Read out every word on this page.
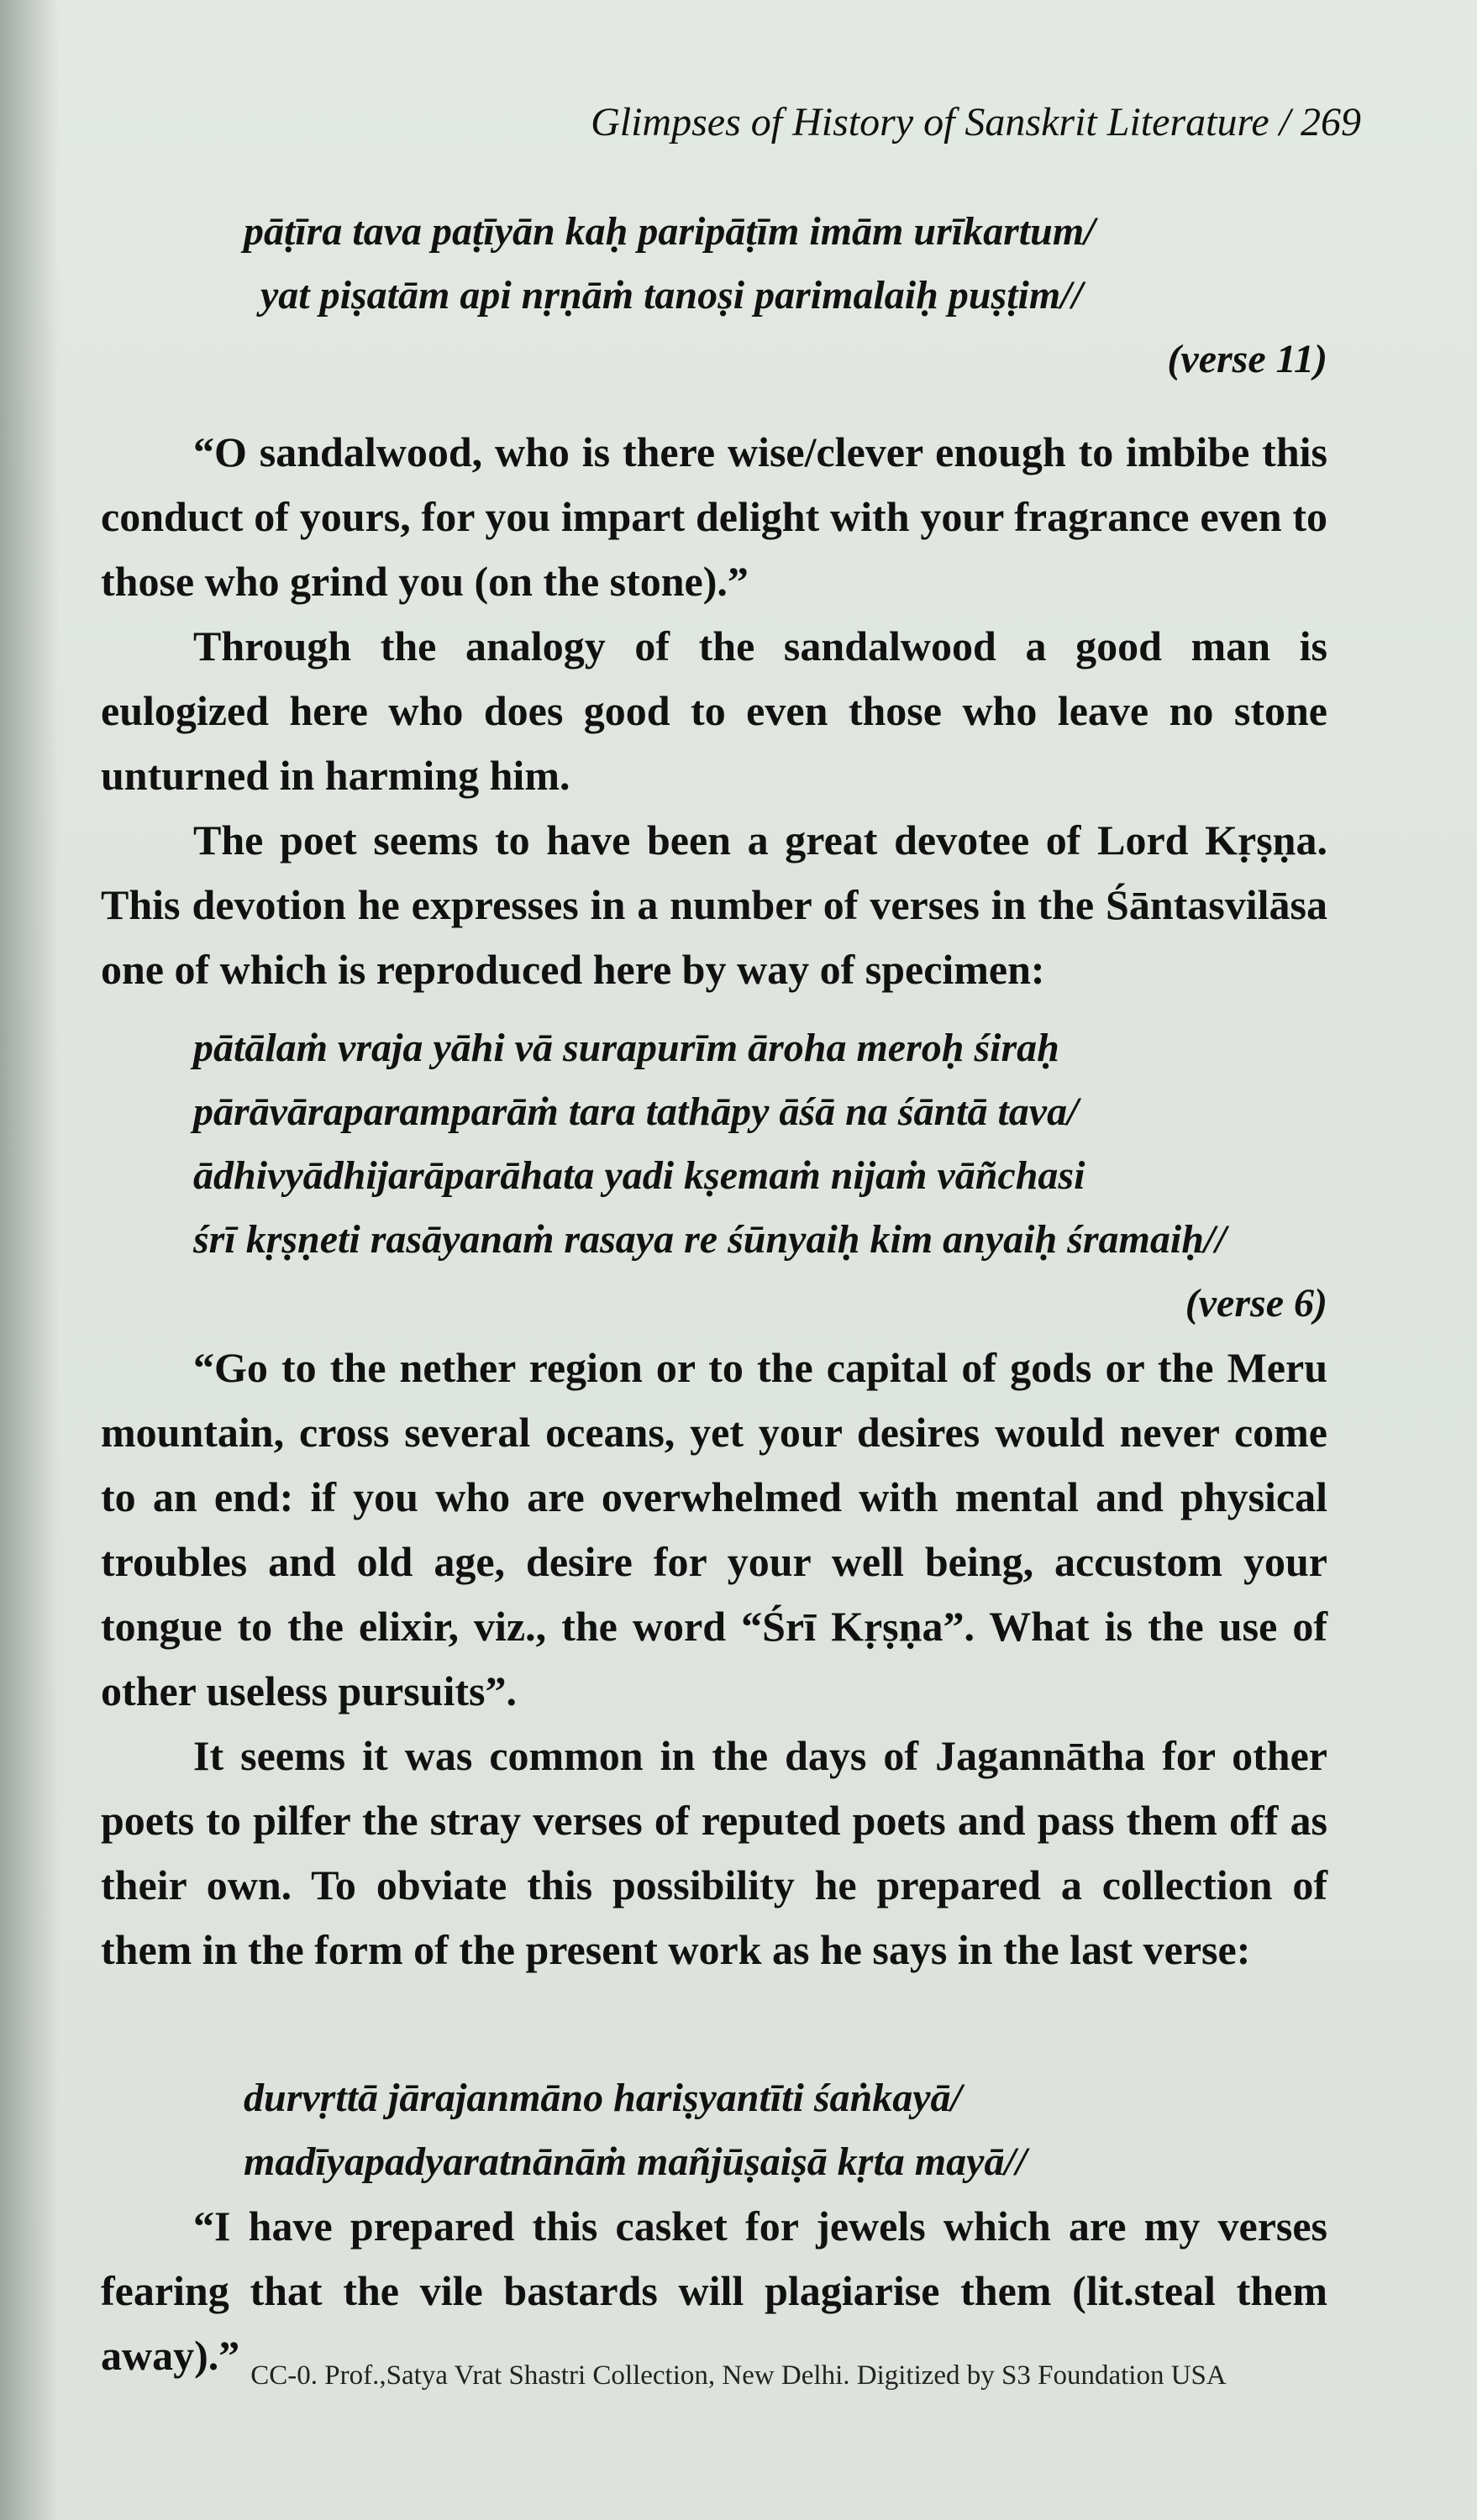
Glimpses of History of Sanskrit Literature / 269
pāṭīra tava paṭīyān kaḥ paripāṭīm imām urīkartum/
yat piṣatām api nṛṇāṁ tanoṣi parimalaiḥ puṣṭim//
(verse 11)

“O sandalwood, who is there wise/clever enough to imbibe this conduct of yours, for you impart delight with your fragrance even to those who grind you (on the stone).”

Through the analogy of the sandalwood a good man is eulogized here who does good to even those who leave no stone unturned in harming him.

The poet seems to have been a great devotee of Lord Kṛṣṇa. This devotion he expresses in a number of verses in the Śāntasvilāsa one of which is reproduced here by way of specimen:

pātālaṁ vraja yāhi vā surapurīm āroha meroḥ śiraḥ
pārāvāraparamparāṁ tara tathāpy āśā na śāntā tava/
ādhivyādhijarāparāhata yadi kṣemaṁ nijaṁ vāñchasi
śrī kṛṣṇeti rasāyanaṁ rasaya re śūnyaiḥ kim anyaiḥ śramaiḥ//
(verse 6)

“Go to the nether region or to the capital of gods or the Meru mountain, cross several oceans, yet your desires would never come to an end: if you who are overwhelmed with mental and physical troubles and old age, desire for your well being, accustom your tongue to the elixir, viz., the word “Śrī Kṛṣṇa”. What is the use of other useless pursuits”.

It seems it was common in the days of Jagannātha for other poets to pilfer the stray verses of reputed poets and pass them off as their own. To obviate this possibility he prepared a collection of them in the form of the present work as he says in the last verse:

durvṛttā jārajanmāno hariṣyantīti śaṅkayā/
madīyapadyaratnānāṁ mañjūṣaiṣā kṛta mayā//

“I have prepared this casket for jewels which are my verses fearing that the vile bastards will plagiarise them (lit.steal them away).” CC-0. Prof.,Satya Vrat Shastri Collection, New Delhi. Digitized by S3 Foundation USA
